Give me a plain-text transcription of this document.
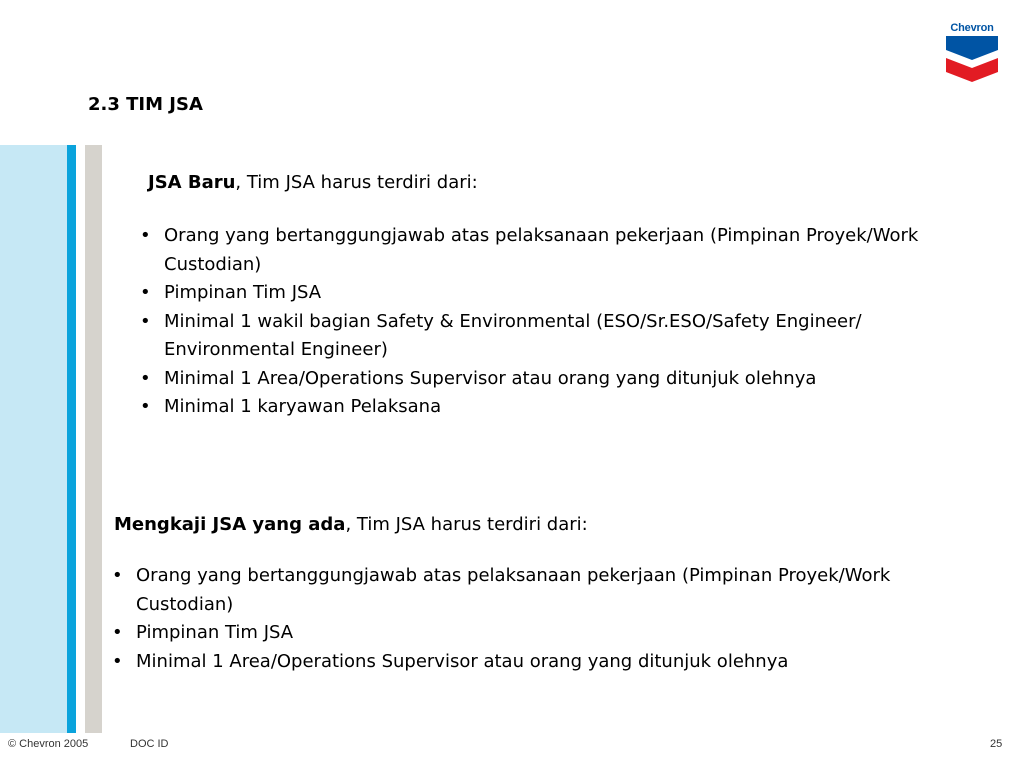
Chevron
2.3 TIM JSA
JSA Baru, Tim JSA harus terdiri dari:
• Orang yang bertanggungjawab atas pelaksanaan pekerjaan (Pimpinan Proyek/Work Custodian)
• Pimpinan Tim JSA
• Minimal 1 wakil bagian Safety & Environmental (ESO/Sr.ESO/Safety Engineer/ Environmental Engineer)
• Minimal 1 Area/Operations Supervisor atau orang yang ditunjuk olehnya
• Minimal 1 karyawan Pelaksana
Mengkaji JSA yang ada, Tim JSA harus terdiri dari:
• Orang yang bertanggungjawab atas pelaksanaan pekerjaan (Pimpinan Proyek/Work Custodian)
• Pimpinan Tim JSA
• Minimal 1 Area/Operations Supervisor atau orang yang ditunjuk olehnya
© Chevron 2005	DOC ID	25
